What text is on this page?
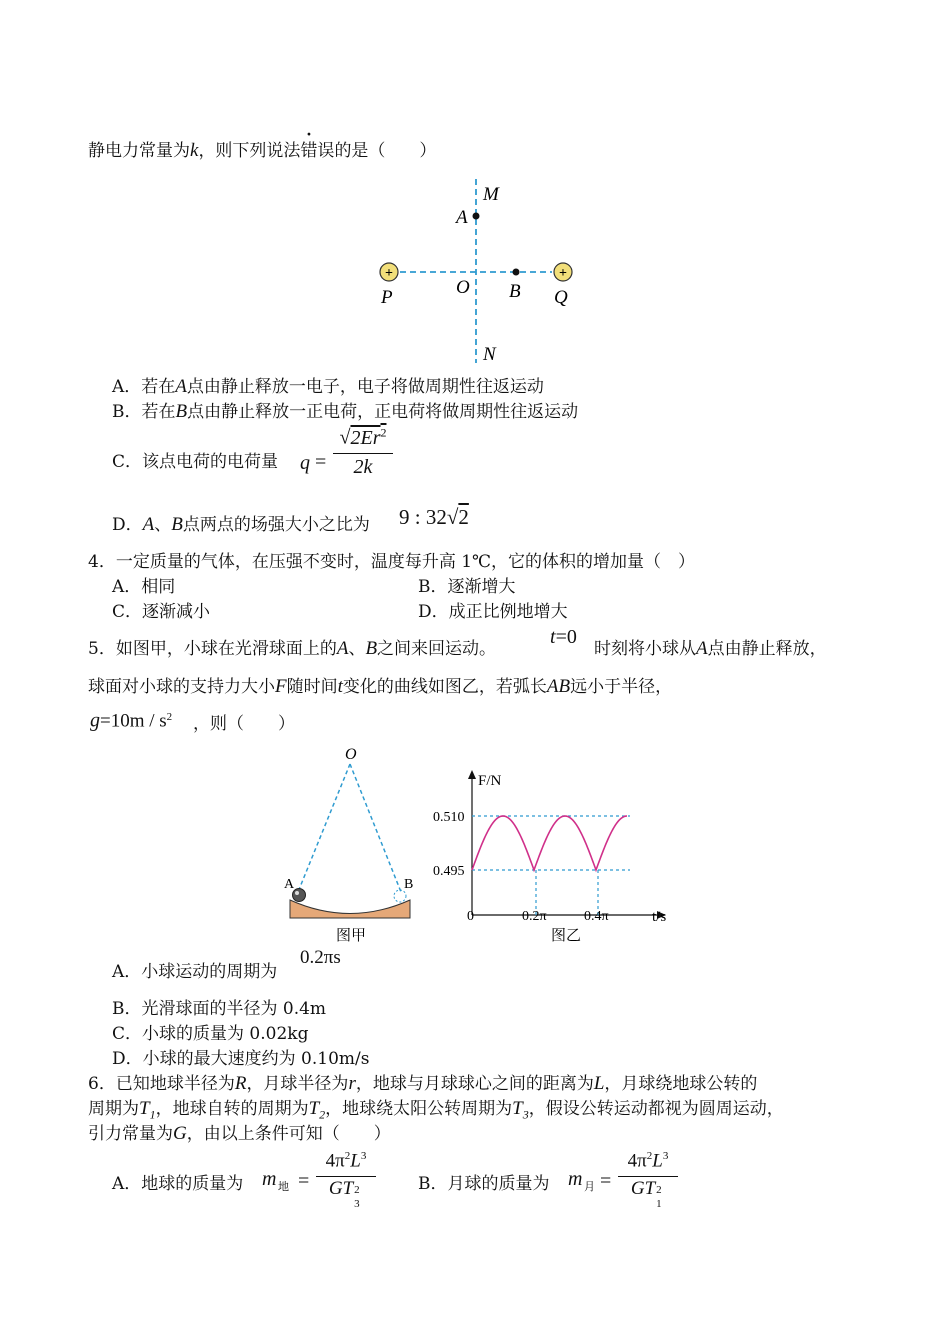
静电力常量为k，则下列说法错误的是（　　）
+	+
M
A
O B
P	Q
N
A．若在A点由静止释放一电子，电子将做周期性往返运动
B．若在B点由静止释放一正电荷，正电荷将做周期性往返运动
C．该点电荷的电荷量 q =
$√2Er^2$
2k
D．A、B点两点的场强大小之比为 9 : 32√2
4．一定质量的气体，在压强不变时，温度每升高 1℃，它的体积的增加量（　）
A．相同	B．逐渐增大
C．逐渐减小	D．成正比例地增大
5．如图甲，小球在光滑球面上的A、B之间来回运动。
t=0
时刻将小球从A点由静止释放，
球面对小球的支持力大小F随时间t变化的曲线如图乙，若弧长AB远小于半径，
$g=10m / s^2$ ，则（　　）
O
A	B
图甲
F/N
t/s
0.510
0.495
0	0.2π	0.4π
图乙
A．小球运动的周期为
0.2πs
B．光滑球面的半径为 0.4m
C．小球的质量为 0.02kg
D．小球的最大速度约为 0.10m/s
6．已知地球半径为R，月球半径为r，地球与月球球心之间的距离为L，月球绕地球公转的
周期为$T_1$，地球自转的周期为$T_2$，地球绕太阳公转周期为$T_3$，假设公转运动都视为圆周运动，
引力常量为G，由以上条件可知（　　）
A．地球的质量为 m 地 =
$4\pi^2L^3$
GT 2
3
B．月球的质量为 m 月 =
$4\pi^2L^3$
GT 2
1
